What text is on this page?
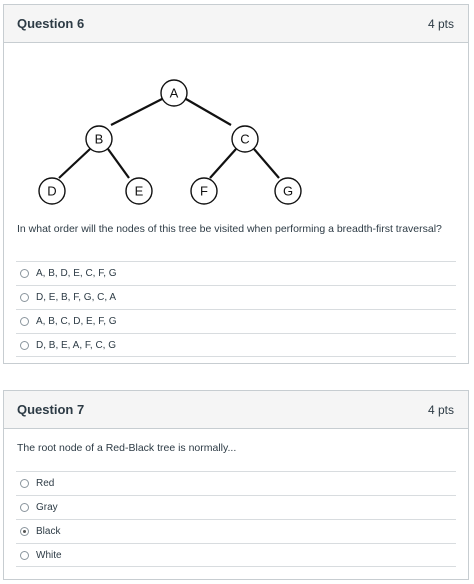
Question 6	4 pts
A
B	C
D	E	F	G
In what order will the nodes of this tree be visited when performing a breadth-first traversal?
A, B, D, E, C, F, G
D, E, B, F, G, C, A
A, B, C, D, E, F, G
D, B, E, A, F, C, G
Question 7	4 pts
The root node of a Red-Black tree is normally...
Red
Gray
Black
White
